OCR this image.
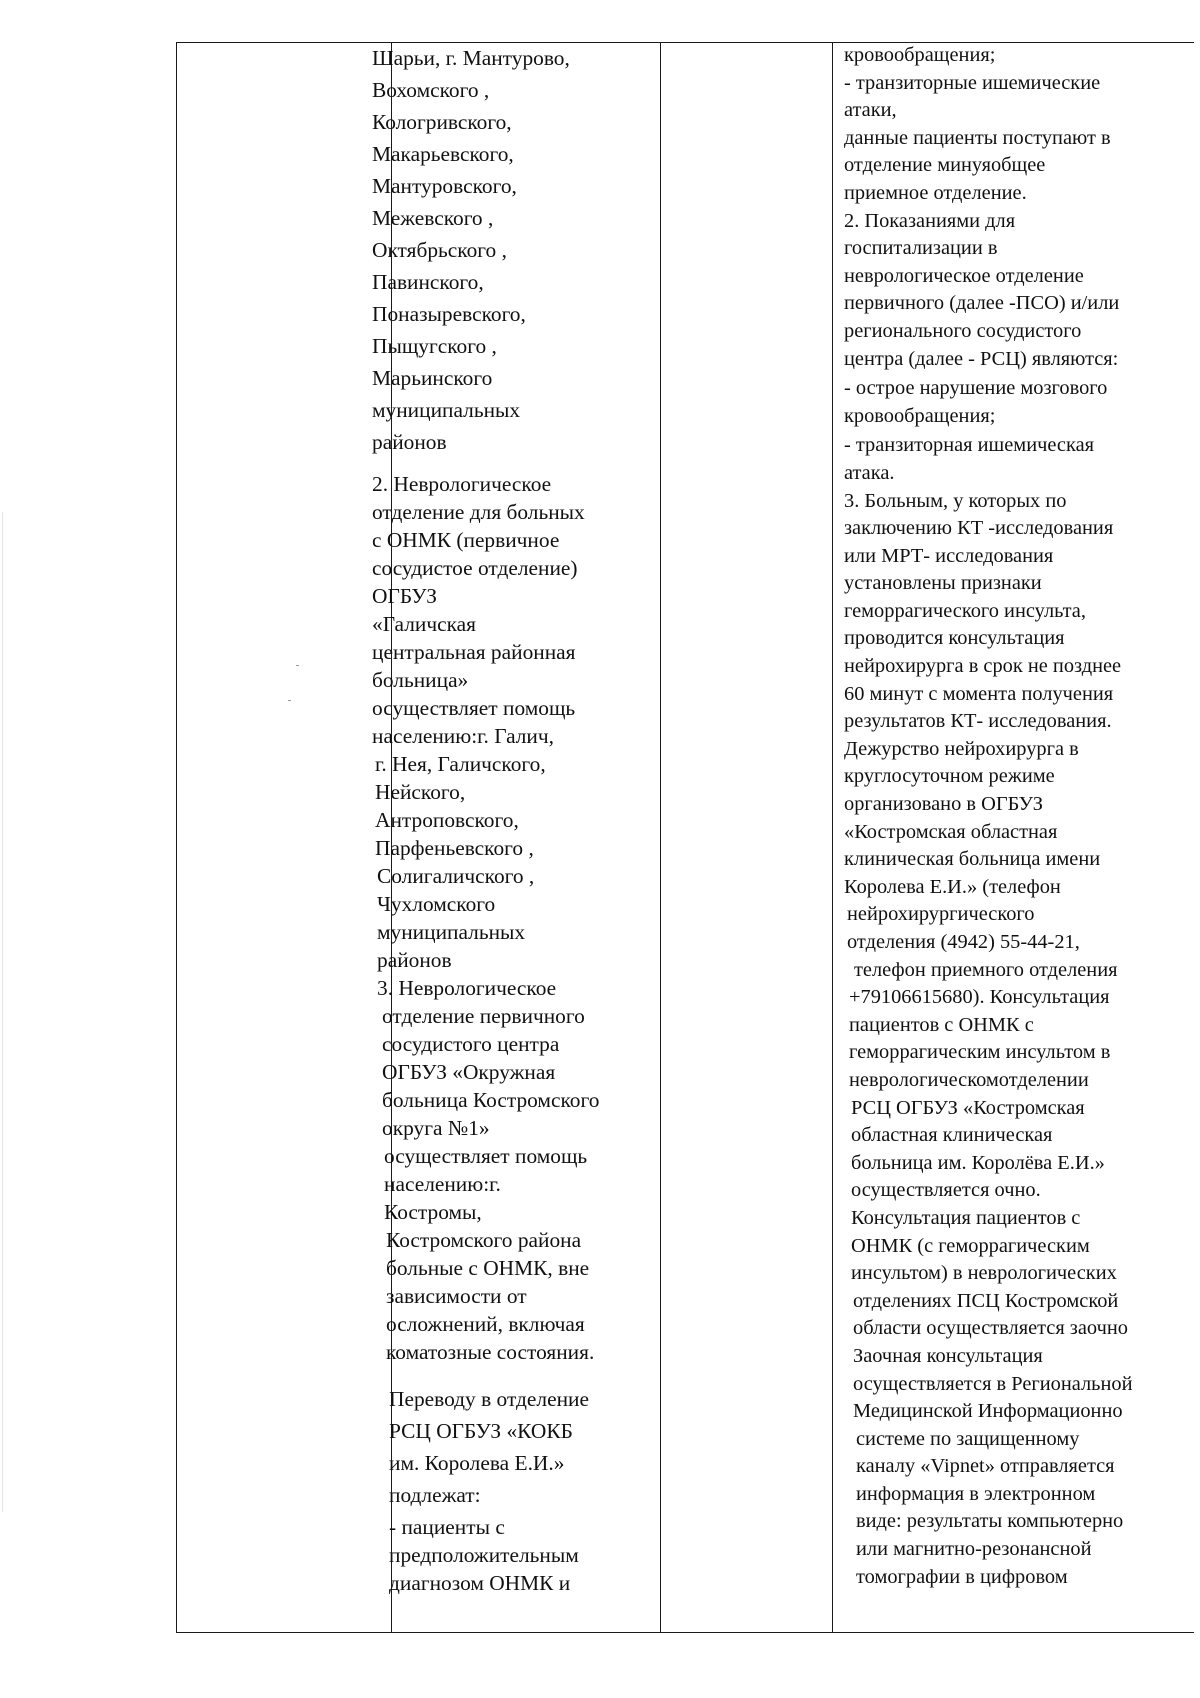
Шарьи, г. Мантурово,
Вохомского ,
Кологривского,
Макарьевского,
Мантуровского,
Межевского ,
Октябрьского ,
Павинского,
Поназыревского,
Пыщугского ,
Марьинского
муниципальных
районов
2. Неврологическое
отделение для больных
с ОНМК (первичное
сосудистое отделение)
ОГБУЗ
«Галичская
центральная районная
больница»
осуществляет помощь
населению:г. Галич,
г. Нея, Галичского,
Нейского,
Антроповского,
Парфеньевского ,
Солигаличского ,
Чухломского
муниципальных
районов
3. Неврологическое
отделение первичного
сосудистого центра
ОГБУЗ «Окружная
больница Костромского
округа №1»
осуществляет помощь
населению:г.
Костромы,
Костромского района
больные с ОНМК, вне
зависимости от
осложнений, включая
коматозные состояния.
Переводу в отделение
РСЦ ОГБУЗ «КОКБ
им. Королева Е.И.»
подлежат:
- пациенты с
предположительным
диагнозом ОНМК и
кровообращения;
- транзиторные ишемические
атаки,
данные пациенты поступают в
отделение минуяобщее
приемное отделение.
2. Показаниями для
госпитализации в
неврологическое отделение
первичного (далее -ПСО) и/или
регионального сосудистого
центра (далее - РСЦ) являются:
- острое нарушение мозгового
кровообращения;
- транзиторная ишемическая
атака.
3. Больным, у которых по
заключению КТ -исследования
или МРТ- исследования
установлены признаки
геморрагического инсульта,
проводится консультация
нейрохирурга в срок не позднее
60 минут с момента получения
результатов КТ- исследования.
Дежурство нейрохирурга в
круглосуточном режиме
организовано в ОГБУЗ
«Костромская областная
клиническая больница имени
Королева Е.И.» (телефон
нейрохирургического
отделения (4942) 55-44-21,
телефон приемного отделения
+79106615680). Консультация
пациентов с ОНМК с
геморрагическим инсультом в
неврологическомотделении
РСЦ ОГБУЗ «Костромская
областная клиническая
больница им. Королёва Е.И.»
осуществляется очно.
Консультация пациентов с
ОНМК (с геморрагическим
инсультом) в неврологических
отделениях ПСЦ Костромской
области осуществляется заочно
Заочная консультация
осуществляется в Региональной
Медицинской Информационно
системе по защищенному
каналу «Vipnet» отправляется
информация в электронном
виде: результаты компьютерно
или магнитно-резонансной
томографии в цифровом
